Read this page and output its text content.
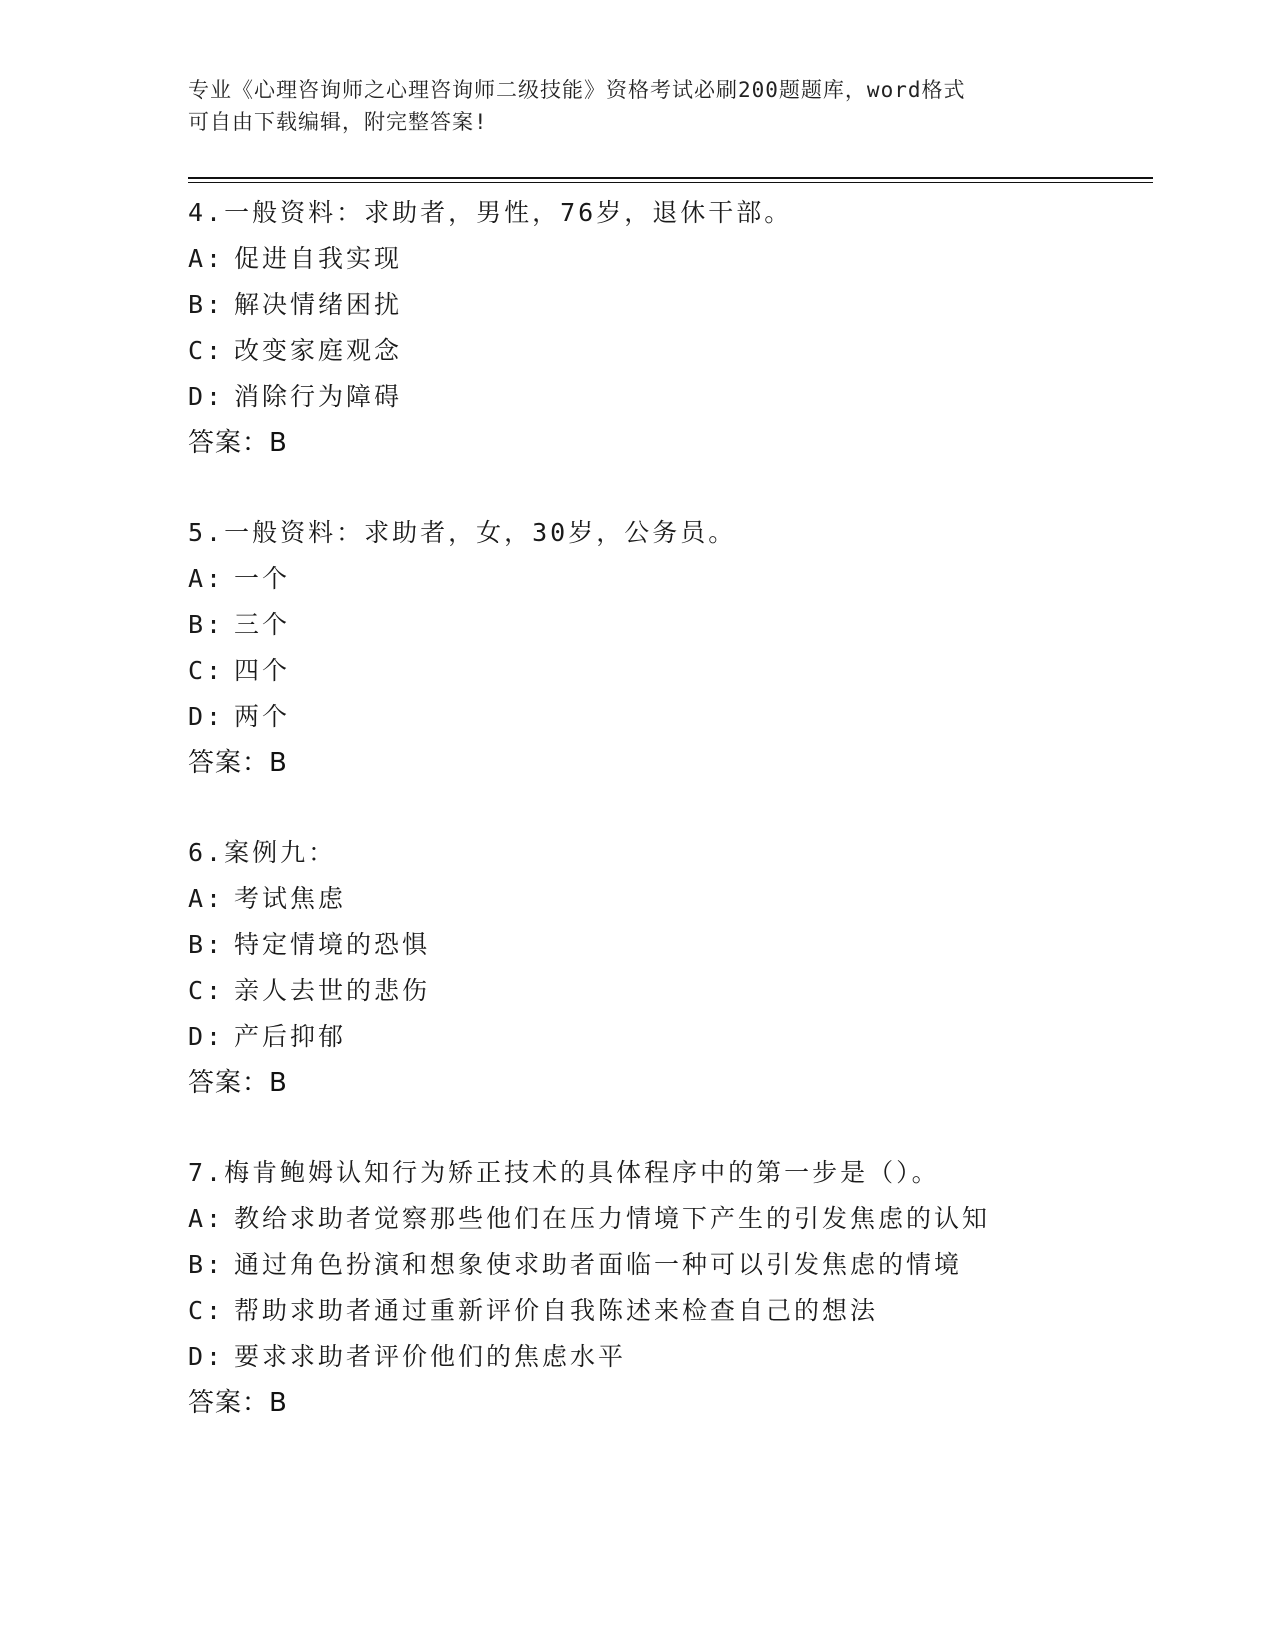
专业《心理咨询师之心理咨询师二级技能》资格考试必刷200题题库，word格式
可自由下载编辑，附完整答案!
4.一般资料：求助者，男性，76岁，退休干部。
A: 促进自我实现
B: 解决情绪困扰
C: 改变家庭观念
D: 消除行为障碍
答案：B
5.一般资料：求助者，女，30岁，公务员。
A: 一个
B: 三个
C: 四个
D: 两个
答案：B
6.案例九：
A: 考试焦虑
B: 特定情境的恐惧
C: 亲人去世的悲伤
D: 产后抑郁
答案：B
7.梅肯鲍姆认知行为矫正技术的具体程序中的第一步是（）。
A: 教给求助者觉察那些他们在压力情境下产生的引发焦虑的认知
B: 通过角色扮演和想象使求助者面临一种可以引发焦虑的情境
C: 帮助求助者通过重新评价自我陈述来检查自己的想法
D: 要求求助者评价他们的焦虑水平
答案：B
